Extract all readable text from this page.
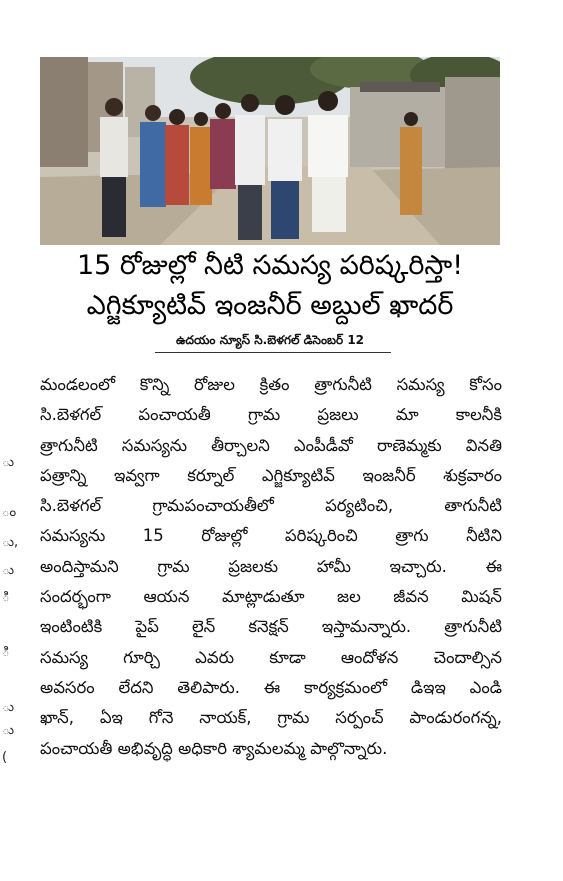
15 రోజుల్లో నీటి సమస్య పరిష్కరిస్తా!
ఎగ్జిక్యూటివ్ ఇంజనీర్ అబ్దుల్ ఖాదర్
ఉదయం న్యూస్ సి.బెళగల్ డిసెంబర్ 12
మండలంలో కొన్ని రోజుల క్రితం త్రాగునీటి సమస్య కోసం
సి.బెళగల్ పంచాయతీ గ్రామ ప్రజలు మా కాలనీకి
త్రాగునీటి సమస్యను తీర్చాలని ఎంపీడీవో రాణెమ్మకు వినతి
పత్రాన్ని ఇవ్వగా కర్నూల్ ఎగ్జిక్యూటివ్ ఇంజనీర్ శుక్రవారం
సి.బెళగల్ గ్రామపంచాయతీలో పర్యటించి, తాగునీటి
సమస్యను 15 రోజుల్లో పరిష్కరించి త్రాగు నీటిని
అందిస్తామని గ్రామ ప్రజలకు హామీ ఇచ్చారు. ఈ
సందర్భంగా ఆయన మాట్లాడుతూ జల జీవన మిషన్
ఇంటింటికి పైప్ లైన్ కనెక్షన్ ఇస్తామన్నారు. త్రాగునీటి
సమస్య గూర్చి ఎవరు కూడా ఆందోళన చెందాల్సిన
అవసరం లేదని తెలిపారు. ఈ కార్యక్రమంలో డిఇఇ ఎండి
ఖాన్, ఏఇ గోనె నాయక్, గ్రామ సర్పంచ్ పాండురంగన్న,
పంచాయతీ అభివృద్ధి అధికారి శ్యామలమ్మ పాల్గొన్నారు.
ు
ం
ు,
ు
ి
ి
ు
ు
(
